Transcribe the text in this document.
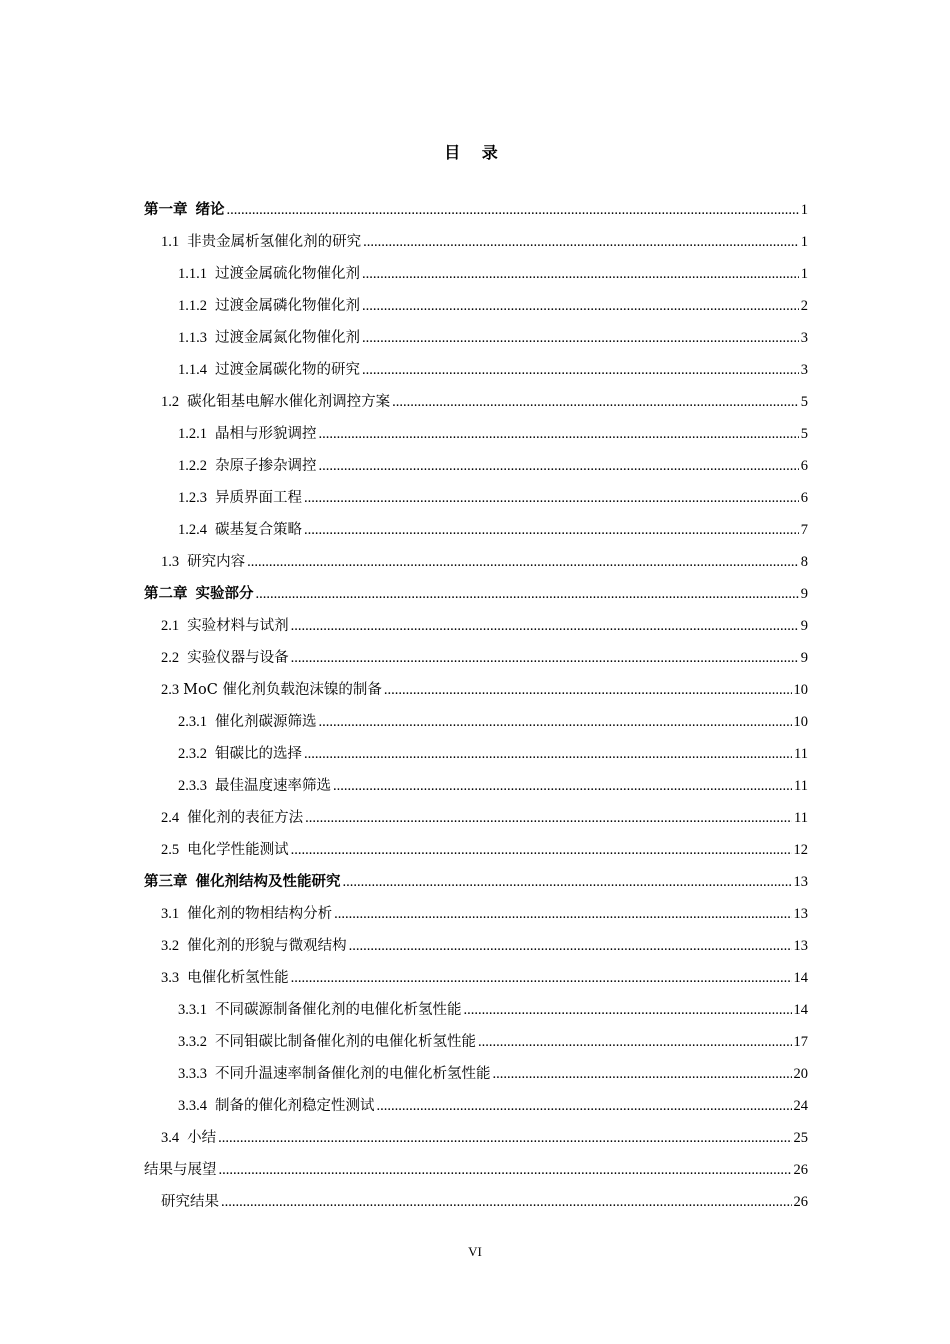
目 录
第一章 绪论 .....	1
1.1 非贵金属析氢催化剂的研究 .....	1
1.1.1 过渡金属硫化物催化剂 .....	1
1.1.2 过渡金属磷化物催化剂 .....	2
1.1.3 过渡金属氮化物催化剂 .....	3
1.1.4 过渡金属碳化物的研究 .....	3
1.2 碳化钼基电解水催化剂调控方案 .....	5
1.2.1 晶相与形貌调控 .....	5
1.2.2 杂原子掺杂调控 .....	6
1.2.3 异质界面工程 .....	6
1.2.4 碳基复合策略 .....	7
1.3 研究内容 .....	8
第二章 实验部分 .....	9
2.1 实验材料与试剂 .....	9
2.2 实验仪器与设备 .....	9
2.3 MoC 催化剂负载泡沫镍的制备 .....	10
2.3.1 催化剂碳源筛选 .....	10
2.3.2 钼碳比的选择 .....	11
2.3.3 最佳温度速率筛选 .....	11
2.4 催化剂的表征方法 .....	11
2.5 电化学性能测试 .....	12
第三章 催化剂结构及性能研究 .....	13
3.1 催化剂的物相结构分析 .....	13
3.2 催化剂的形貌与微观结构 .....	13
3.3 电催化析氢性能 .....	14
3.3.1 不同碳源制备催化剂的电催化析氢性能 .....	14
3.3.2 不同钼碳比制备催化剂的电催化析氢性能 .....	17
3.3.3 不同升温速率制备催化剂的电催化析氢性能 .....	20
3.3.4 制备的催化剂稳定性测试 .....	24
3.4 小结 .....	25
结果与展望 .....	26
研究结果 .....	26
VI
